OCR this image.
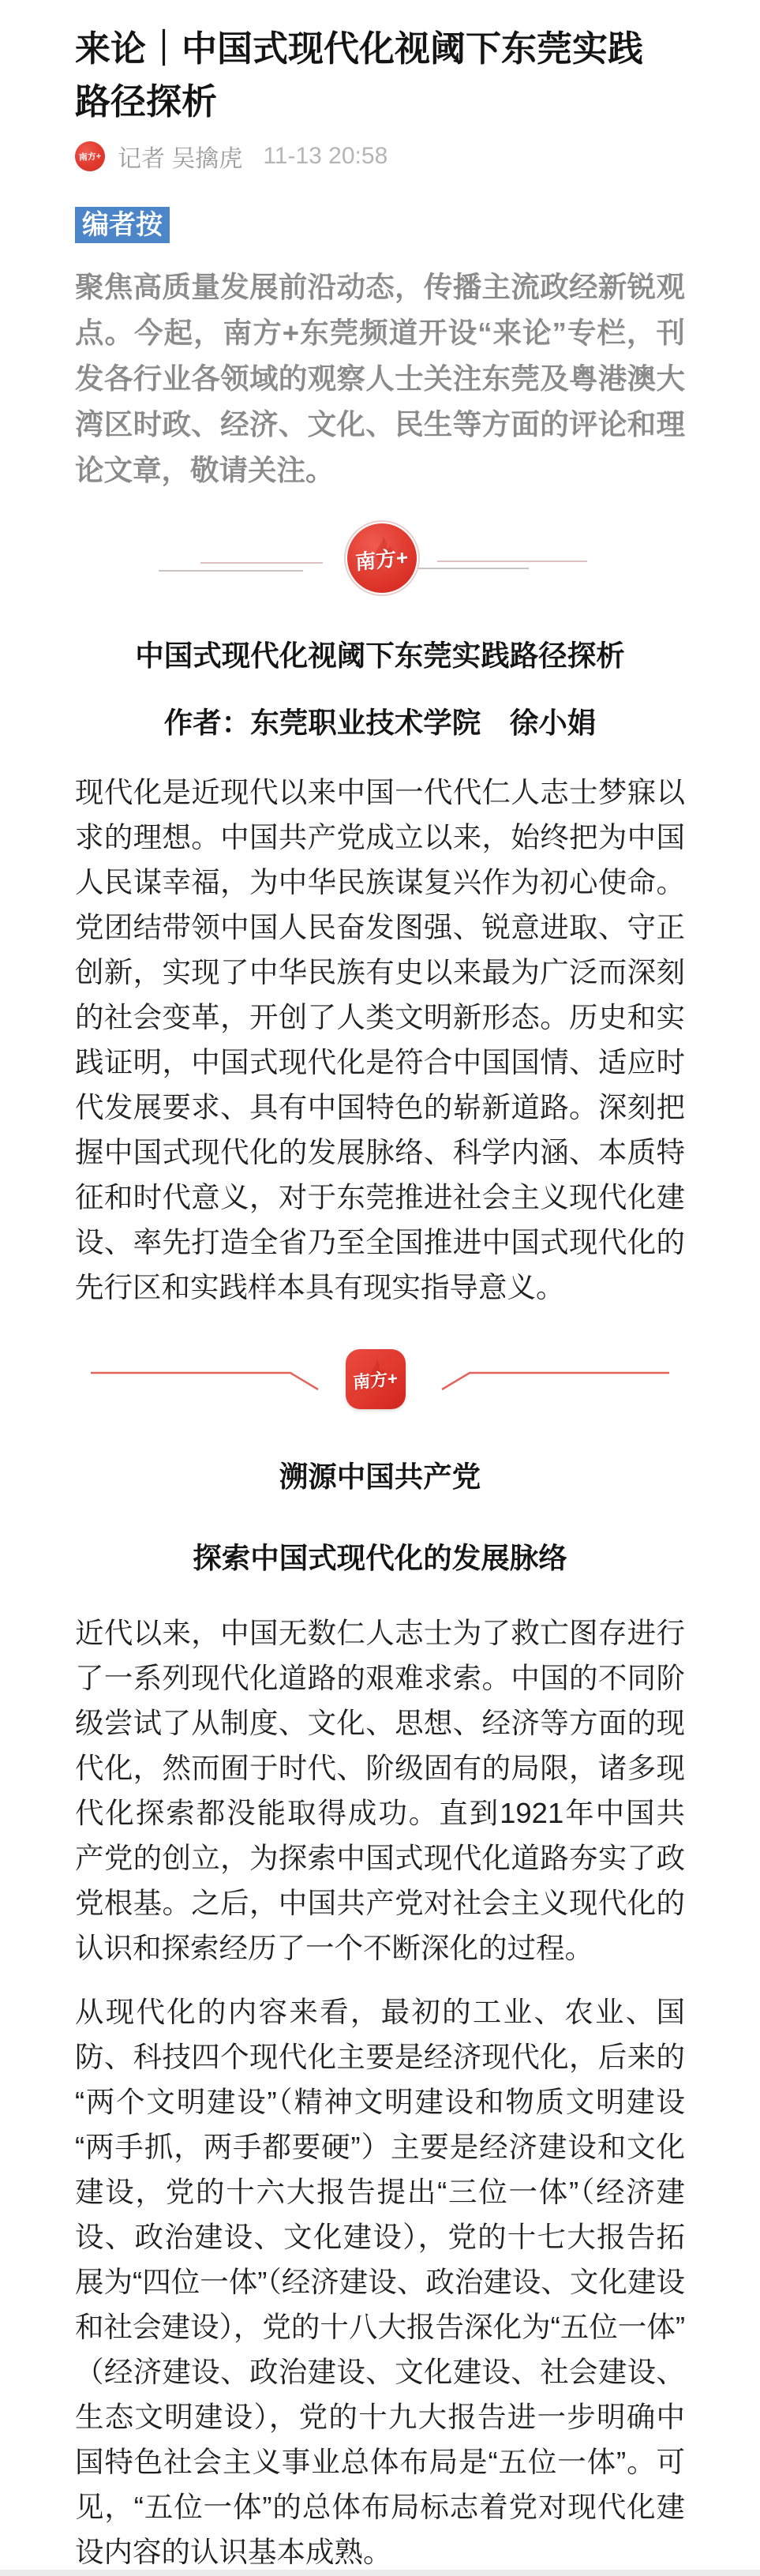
来论｜中国式现代化视阈下东莞实践路径探析
南方+ 记者 吴擒虎 11-13 20:58
编者按

聚焦高质量发展前沿动态，传播主流政经新锐观点。今起，南方+东莞频道开设“来论”专栏，刊发各行业各领域的观察人士关注东莞及粤港澳大湾区时政、经济、文化、民生等方面的评论和理论文章，敬请关注。

南方+
中国式现代化视阈下东莞实践路径探析
作者：东莞职业技术学院　徐小娟

现代化是近现代以来中国一代代仁人志士梦寐以求的理想。中国共产党成立以来，始终把为中国人民谋幸福，为中华民族谋复兴作为初心使命。党团结带领中国人民奋发图强、锐意进取、守正创新，实现了中华民族有史以来最为广泛而深刻的社会变革，开创了人类文明新形态。历史和实践证明，中国式现代化是符合中国国情、适应时代发展要求、具有中国特色的崭新道路。深刻把握中国式现代化的发展脉络、科学内涵、本质特征和时代意义，对于东莞推进社会主义现代化建设、率先打造全省乃至全国推进中国式现代化的先行区和实践样本具有现实指导意义。

南方+
溯源中国共产党
探索中国式现代化的发展脉络

近代以来，中国无数仁人志士为了救亡图存进行了一系列现代化道路的艰难求索。中国的不同阶级尝试了从制度、文化、思想、经济等方面的现代化，然而囿于时代、阶级固有的局限，诸多现代化探索都没能取得成功。直到1921年中国共产党的创立，为探索中国式现代化道路夯实了政党根基。之后，中国共产党对社会主义现代化的认识和探索经历了一个不断深化的过程。

从现代化的内容来看，最初的工业、农业、国防、科技四个现代化主要是经济现代化，后来的“两个文明建设”（精神文明建设和物质文明建设 “两手抓，两手都要硬”）主要是经济建设和文化建设，党的十六大报告提出“三位一体”（经济建设、政治建设、文化建设），党的十七大报告拓展为“四位一体”（经济建设、政治建设、文化建设和社会建设），党的十八大报告深化为“五位一体”（经济建设、政治建设、文化建设、社会建设、生态文明建设），党的十九大报告进一步明确中国特色社会主义事业总体布局是“五位一体”。可见，“五位一体”的总体布局标志着党对现代化建设内容的认识基本成熟。
